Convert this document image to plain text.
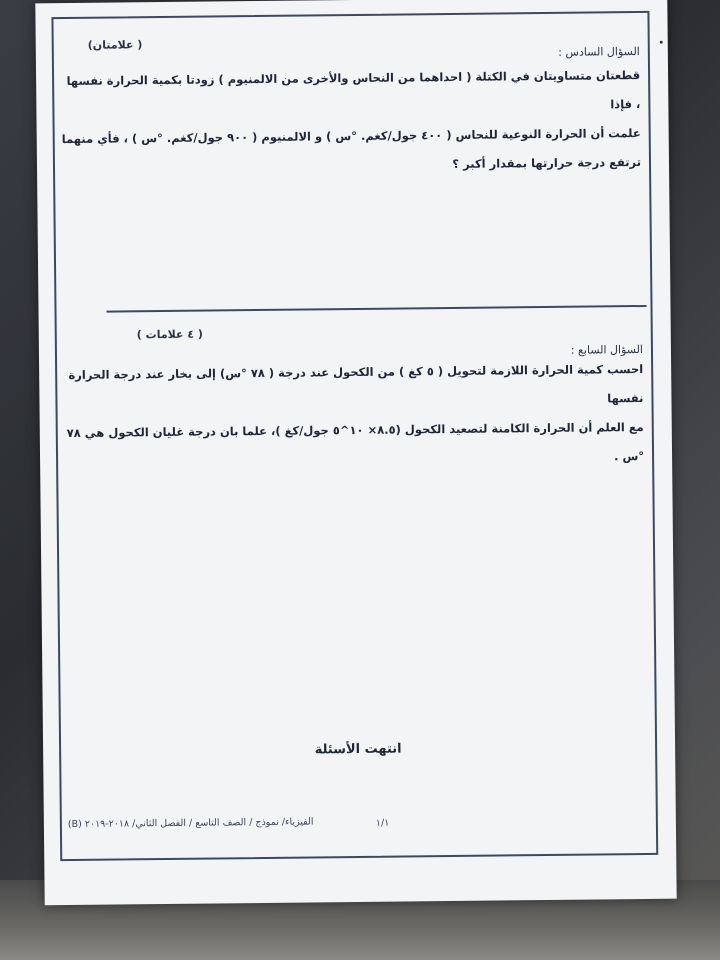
(علامتان )
السؤال السادس :
قطعتان متساويتان في الكتلة ( احداهما من النحاس والأخرى من الالمنيوم ) زودتا بكمية الحرارة نفسها ، فإذا
علمت أن الحرارة النوعية للنحاس ( ٤٠٠ جول/كغم. °س ) و الالمنيوم ( ٩٠٠ جول/كغم. °س ) ، فأي منهما
ترتفع درجة حرارتها بمقدار أكبر ؟
( ٤ علامات )
السؤال السابع :
احسب كمية الحرارة اللازمة لتحويل ( ٥ كغ ) من الكحول عند درجة ( ٧٨ °س) إلى بخار عند درجة الحرارة نفسها
مع العلم أن الحرارة الكامنة لتصعيد الكحول (٨.٥× ١٠^٥ جول/كغ )، علما بان درجة غليان الكحول هي ٧٨ °س .
انتهت الأسئلة
(B) الفيزياء/ نموذج / الصف التاسع / الفصل الثاني/ ٢٠١٨-٢٠١٩	١/١
